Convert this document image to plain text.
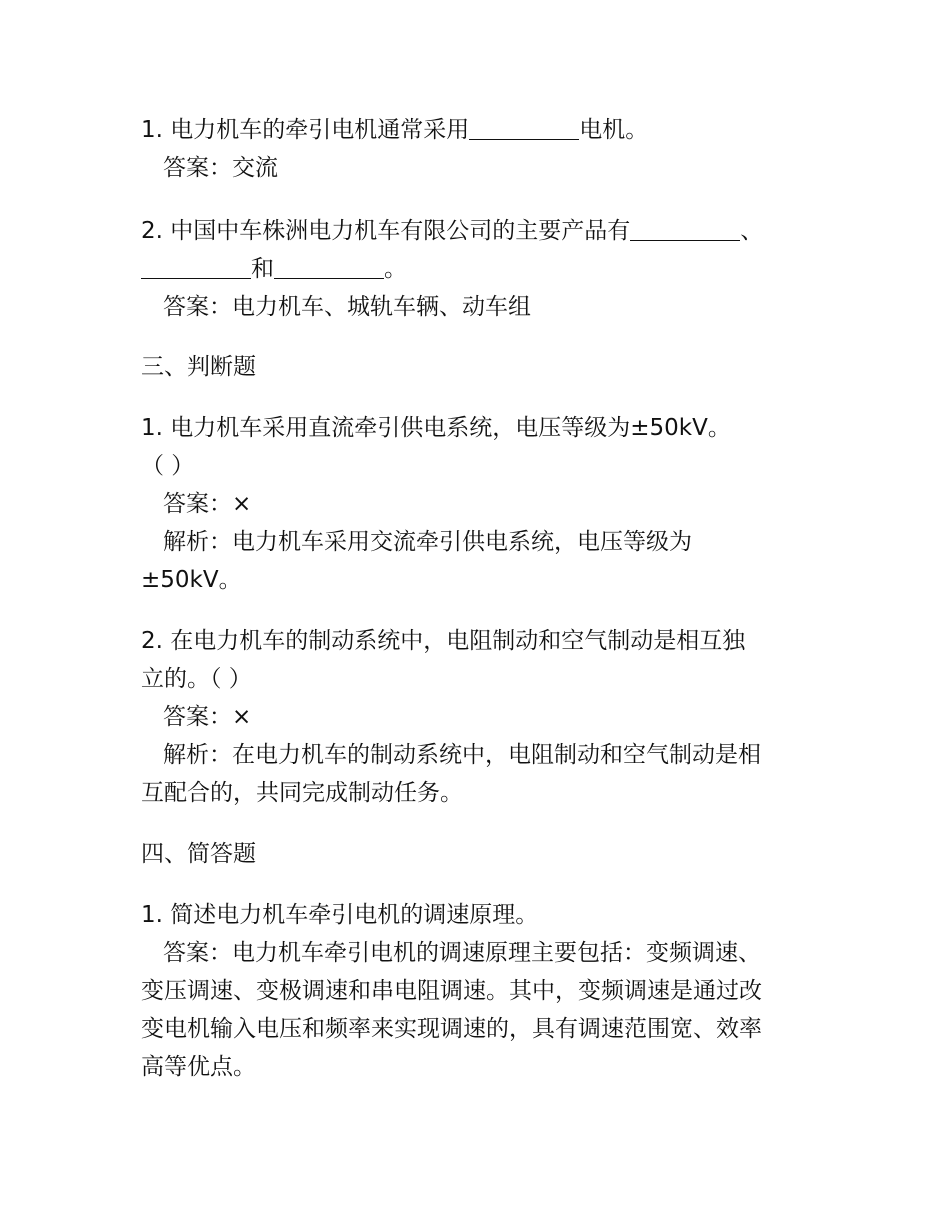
1. 电力机车的牵引电机通常采用	电机。
答案：交流
2. 中国中车株洲电力机车有限公司的主要产品有	、
和	。
答案：电力机车、城轨车辆、动车组
三、判断题
1. 电力机车采用直流牵引供电系统，电压等级为±50kV。
（ ）
答案：×
解析：电力机车采用交流牵引供电系统，电压等级为
±50kV。
2. 在电力机车的制动系统中，电阻制动和空气制动是相互独
立的。（ ）
答案：×
解析：在电力机车的制动系统中，电阻制动和空气制动是相
互配合的，共同完成制动任务。
四、简答题
1. 简述电力机车牵引电机的调速原理。
答案：电力机车牵引电机的调速原理主要包括：变频调速、
变压调速、变极调速和串电阻调速。其中，变频调速是通过改
变电机输入电压和频率来实现调速的，具有调速范围宽、效率
高等优点。
